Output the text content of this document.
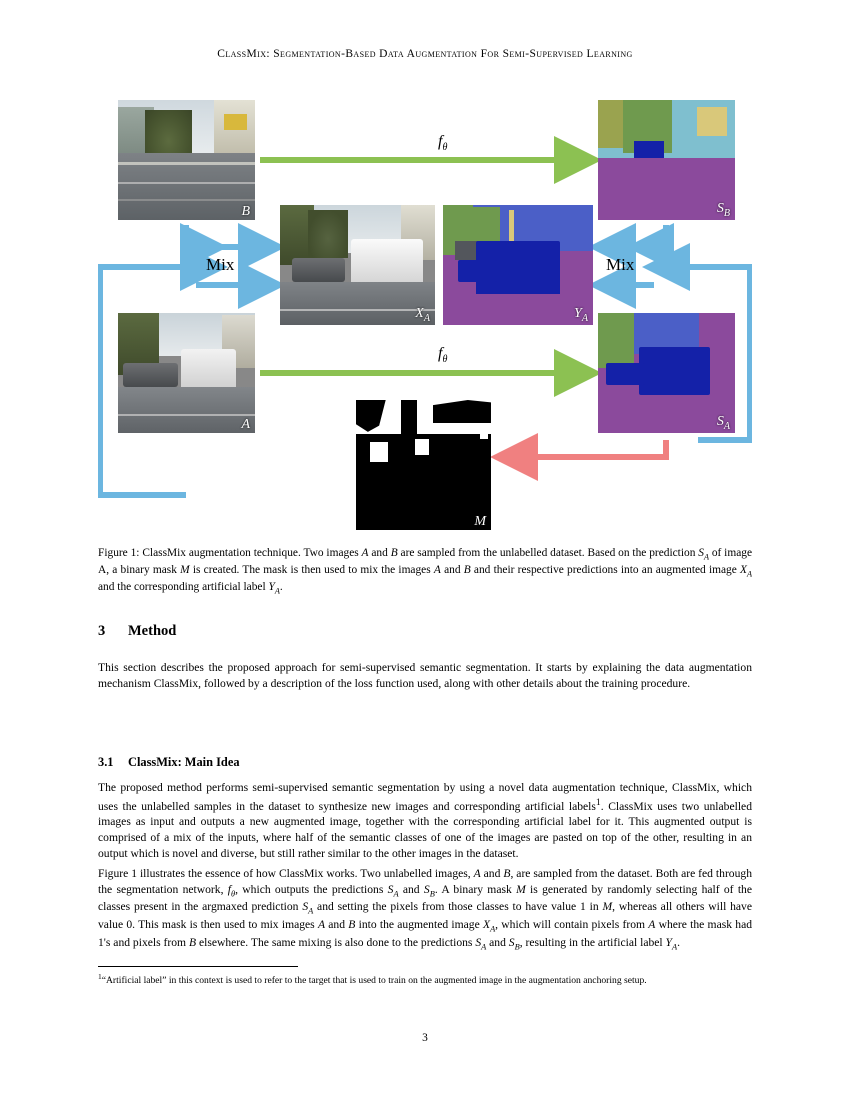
ClassMix: Segmentation-Based Data Augmentation For Semi-Supervised Learning
B
A
$X_A$	$Y_A$
$S_B$
$S_A$
M
$f_\theta$
$f_\theta$
Mix	Mix
Figure 1: ClassMix augmentation technique. Two images A and B are sampled from the unlabelled dataset. Based on the prediction $S_A$ of image A, a binary mask M is created. The mask is then used to mix the images A and B and their respective predictions into an augmented image $X_A$ and the corresponding artificial label $Y_A$.
3 Method
This section describes the proposed approach for semi-supervised semantic segmentation. It starts by explaining the data augmentation mechanism ClassMix, followed by a description of the loss function used, along with other details about the training procedure.
3.1 ClassMix: Main Idea
The proposed method performs semi-supervised semantic segmentation by using a novel data augmentation technique, ClassMix, which uses the unlabelled samples in the dataset to synthesize new images and corresponding artificial labels$^1$. ClassMix uses two unlabelled images as input and outputs a new augmented image, together with the corresponding artificial label for it. This augmented output is comprised of a mix of the inputs, where half of the semantic classes of one of the images are pasted on top of the other, resulting in an output which is novel and diverse, but still rather similar to the other images in the dataset.
Figure 1 illustrates the essence of how ClassMix works. Two unlabelled images, A and B, are sampled from the dataset. Both are fed through the segmentation network, $f_\theta$, which outputs the predictions $S_A$ and $S_B$. A binary mask M is generated by randomly selecting half of the classes present in the argmaxed prediction $S_A$ and setting the pixels from those classes to have value 1 in M, whereas all others will have value 0. This mask is then used to mix images A and B into the augmented image $X_A$, which will contain pixels from A where the mask had 1's and pixels from B elsewhere. The same mixing is also done to the predictions $S_A$ and $S_B$, resulting in the artificial label $Y_A$.
$^1$“Artificial label” in this context is used to refer to the target that is used to train on the augmented image in the augmentation anchoring setup.
3
